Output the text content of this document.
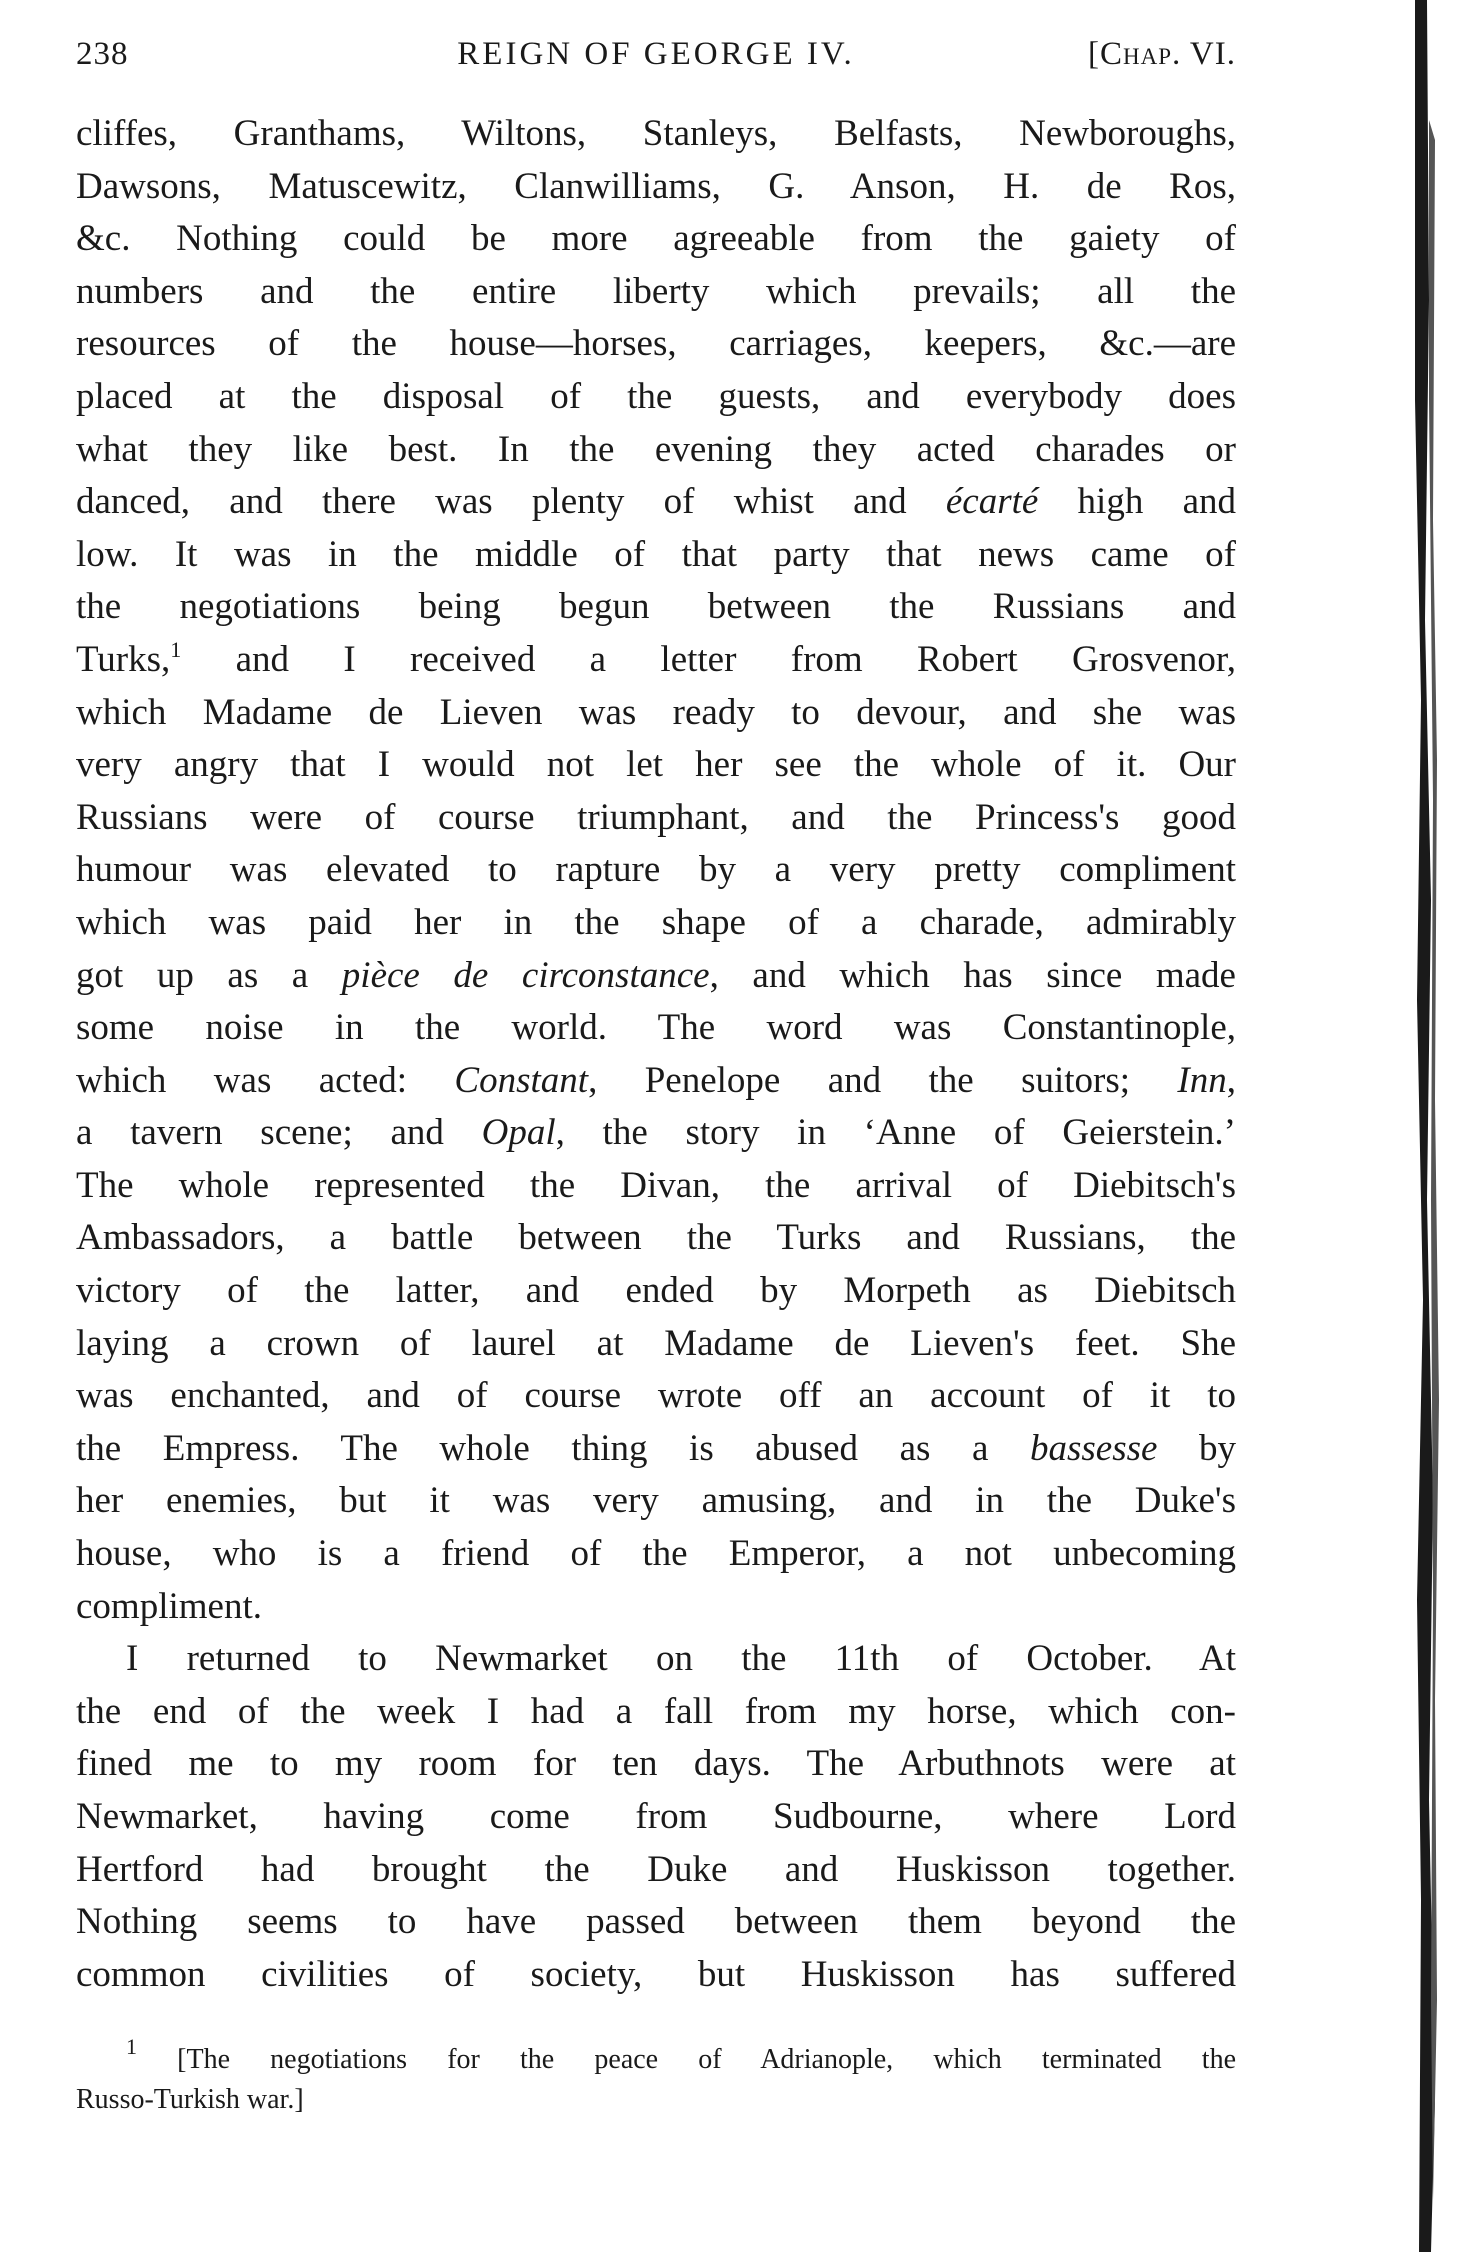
238	REIGN OF GEORGE IV.	[Chap. VI.
cliffes, Granthams, Wiltons, Stanleys, Belfasts, Newboroughs,
Dawsons, Matuscewitz, Clanwilliams, G. Anson, H. de Ros,
&c. Nothing could be more agreeable from the gaiety of
numbers and the entire liberty which prevails; all the
resources of the house—horses, carriages, keepers, &c.—are
placed at the disposal of the guests, and everybody does
what they like best. In the evening they acted charades or
danced, and there was plenty of whist and écarté high and
low. It was in the middle of that party that news came of
the negotiations being begun between the Russians and
Turks,$^1$ and I received a letter from Robert Grosvenor,
which Madame de Lieven was ready to devour, and she was
very angry that I would not let her see the whole of it. Our
Russians were of course triumphant, and the Princess's good
humour was elevated to rapture by a very pretty compliment
which was paid her in the shape of a charade, admirably
got up as a pièce de circonstance, and which has since made
some noise in the world. The word was Constantinople,
which was acted: Constant, Penelope and the suitors; Inn,
a tavern scene; and Opal, the story in ‘Anne of Geierstein.’
The whole represented the Divan, the arrival of Diebitsch's
Ambassadors, a battle between the Turks and Russians, the
victory of the latter, and ended by Morpeth as Diebitsch
laying a crown of laurel at Madame de Lieven's feet. She
was enchanted, and of course wrote off an account of it to
the Empress. The whole thing is abused as a bassesse by
her enemies, but it was very amusing, and in the Duke's
house, who is a friend of the Emperor, a not unbecoming
compliment.
I returned to Newmarket on the 11th of October. At
the end of the week I had a fall from my horse, which con-
fined me to my room for ten days. The Arbuthnots were at
Newmarket, having come from Sudbourne, where Lord
Hertford had brought the Duke and Huskisson together.
Nothing seems to have passed between them beyond the
common civilities of society, but Huskisson has suffered
$^1$ [The negotiations for the peace of Adrianople, which terminated the
Russo-Turkish war.]
